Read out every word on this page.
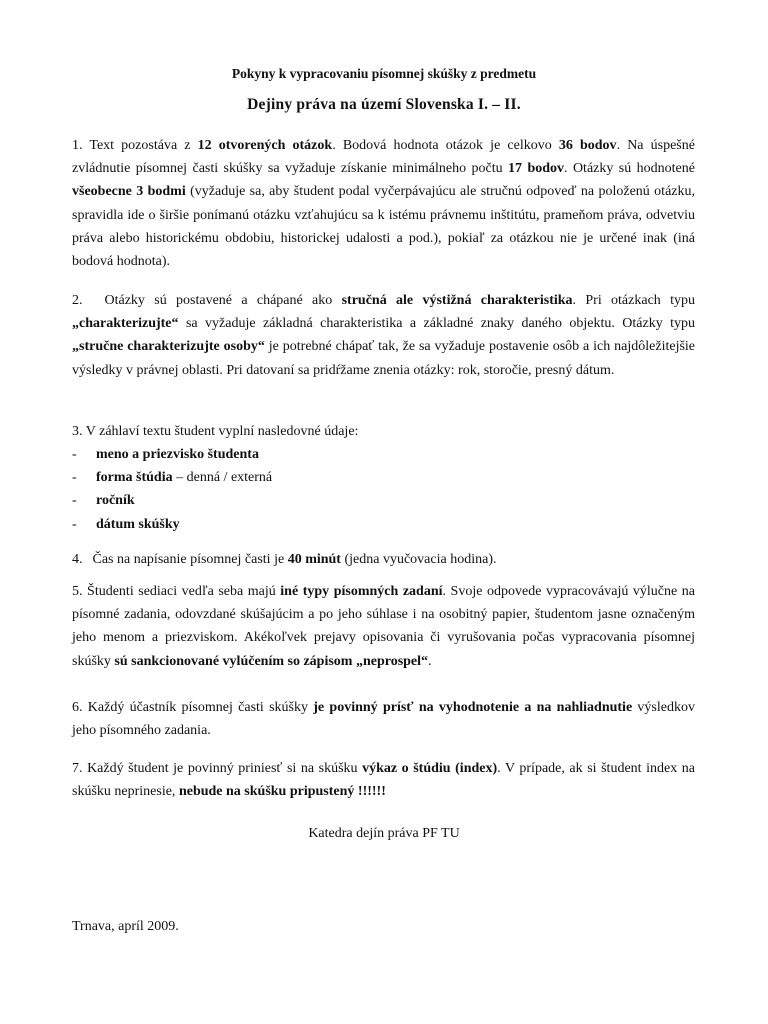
Pokyny k vypracovaniu písomnej skúšky z predmetu
Dejiny práva na území Slovenska I. – II.

1. Text pozostáva z 12 otvorených otázok. Bodová hodnota otázok je celkovo 36 bodov. Na úspešné zvládnutie písomnej časti skúšky sa vyžaduje získanie minimálneho počtu 17 bodov. Otázky sú hodnotené všeobecne 3 bodmi (vyžaduje sa, aby študent podal vyčerpávajúcu ale stručnú odpoveď na položenú otázku, spravidla ide o širšie ponímanú otázku vzťahujúcu sa k istému právnemu inštitútu, prameňom práva, odvetviu práva alebo historickému obdobiu, historickej udalosti a pod.), pokiaľ za otázkou nie je určené inak (iná bodová hodnota).

2. Otázky sú postavené a chápané ako stručná ale výstižná charakteristika. Pri otázkach typu „charakterizujte“ sa vyžaduje základná charakteristika a základné znaky daného objektu. Otázky typu „stručne charakterizujte osoby“ je potrebné chápať tak, že sa vyžaduje postavenie osôb a ich najdôležitejšie výsledky v právnej oblasti. Pri datovaní sa pridŕžame znenia otázky: rok, storočie, presný dátum.

3. V záhlaví textu študent vyplní nasledovné údaje:

- meno a priezvisko študenta
- forma štúdia – denná / externá
- ročník
- dátum skúšky

4. Čas na napísanie písomnej časti je 40 minút (jedna vyučovacia hodina).

5. Študenti sediaci vedľa seba majú iné typy písomných zadaní. Svoje odpovede vypracovávajú výlučne na písomné zadania, odovzdané skúšajúcim a po jeho súhlase i na osobitný papier, študentom jasne označeným jeho menom a priezviskom. Akékoľvek prejavy opisovania či vyrušovania počas vypracovania písomnej skúšky sú sankcionované vylúčením so zápisom „neprospel“.

6. Každý účastník písomnej časti skúšky je povinný prísť na vyhodnotenie a na nahliadnutie výsledkov jeho písomného zadania.

7. Každý študent je povinný priniesť si na skúšku výkaz o štúdiu (index). V prípade, ak si študent index na skúšku neprinesie, nebude na skúšku pripustený !!!!!!

Katedra dejín práva PF TU

Trnava, apríl 2009.
